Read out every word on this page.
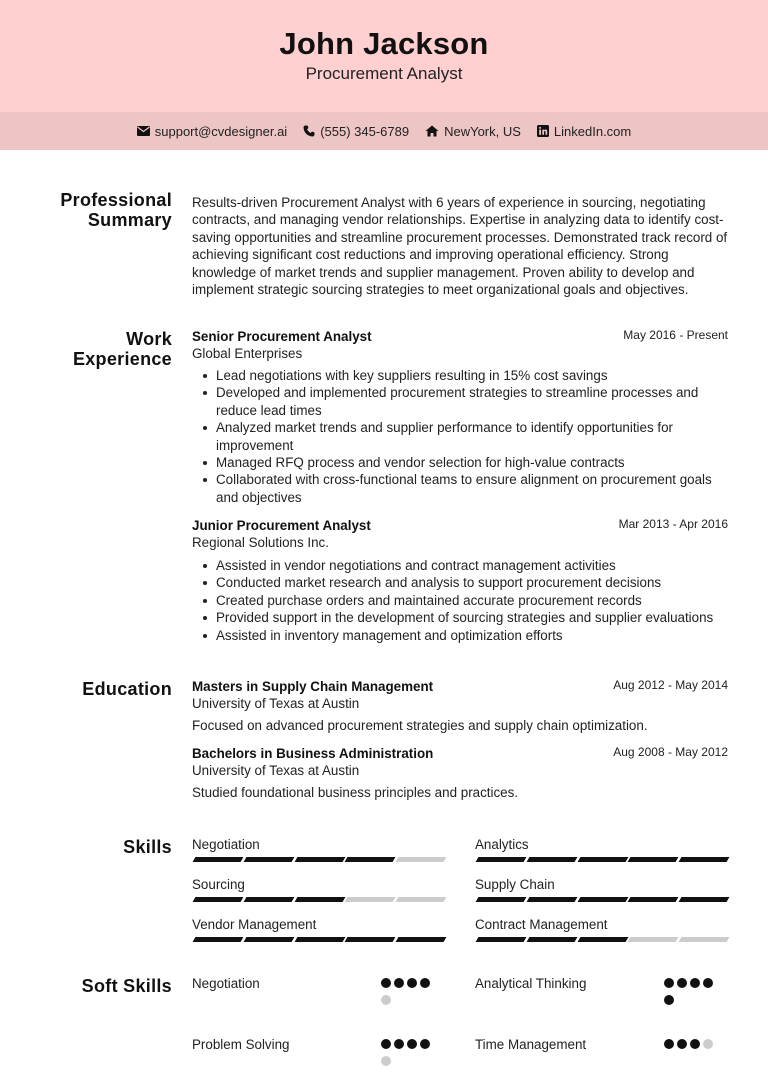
John Jackson
Procurement Analyst
support@cvdesigner.ai	(555) 345-6789	NewYork, US	LinkedIn.com
Professional
Summary
Results-driven Procurement Analyst with 6 years of experience in sourcing, negotiating contracts, and managing vendor relationships. Expertise in analyzing data to identify cost-saving opportunities and streamline procurement processes. Demonstrated track record of achieving significant cost reductions and improving operational efficiency. Strong knowledge of market trends and supplier management. Proven ability to develop and implement strategic sourcing strategies to meet organizational goals and objectives.
Work
Experience
Senior Procurement Analyst	May 2016 - Present
Global Enterprises
Lead negotiations with key suppliers resulting in 15% cost savings
Developed and implemented procurement strategies to streamline processes and reduce lead times
Analyzed market trends and supplier performance to identify opportunities for improvement
Managed RFQ process and vendor selection for high-value contracts
Collaborated with cross-functional teams to ensure alignment on procurement goals and objectives
Junior Procurement Analyst	Mar 2013 - Apr 2016
Regional Solutions Inc.
Assisted in vendor negotiations and contract management activities
Conducted market research and analysis to support procurement decisions
Created purchase orders and maintained accurate procurement records
Provided support in the development of sourcing strategies and supplier evaluations
Assisted in inventory management and optimization efforts
Education Masters in Supply Chain Management	Aug 2012 - May 2014
University of Texas at Austin
Focused on advanced procurement strategies and supply chain optimization.
Bachelors in Business Administration	Aug 2008 - May 2012
University of Texas at Austin
Studied foundational business principles and practices.
Skills Negotiation	Analytics
Sourcing	Supply Chain
Vendor Management	Contract Management
Soft Skills Negotiation	Analytical Thinking
Problem Solving	Time Management
